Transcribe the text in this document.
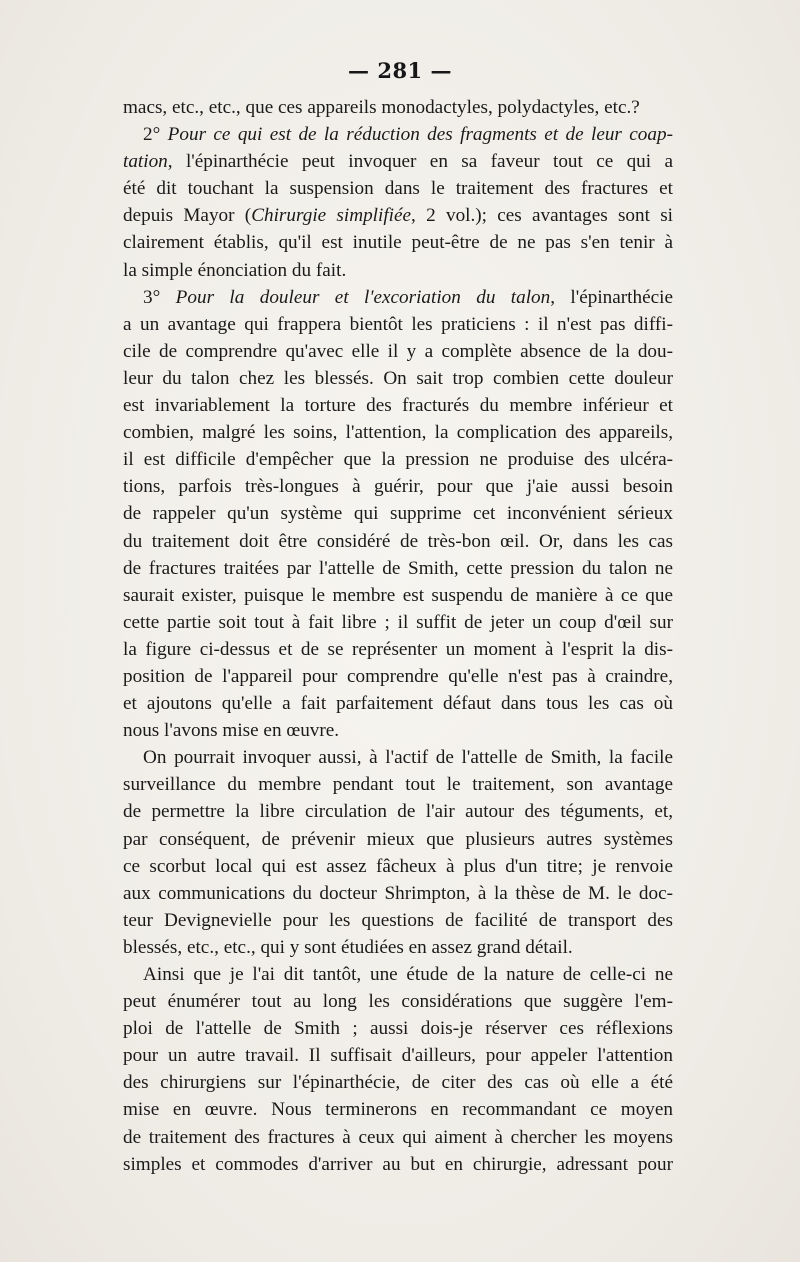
— 281 —
macs, etc., etc., que ces appareils monodactyles, polydactyles, etc.?
2° Pour ce qui est de la réduction des fragments et de leur coap-
tation, l'épinarthécie peut invoquer en sa faveur tout ce qui a
été dit touchant la suspension dans le traitement des fractures et
depuis Mayor (Chirurgie simplifiée, 2 vol.); ces avantages sont si
clairement établis, qu'il est inutile peut-être de ne pas s'en tenir à
la simple énonciation du fait.
3° Pour la douleur et l'excoriation du talon, l'épinarthécie
a un avantage qui frappera bientôt les praticiens : il n'est pas diffi-
cile de comprendre qu'avec elle il y a complète absence de la dou-
leur du talon chez les blessés. On sait trop combien cette douleur
est invariablement la torture des fracturés du membre inférieur et
combien, malgré les soins, l'attention, la complication des appareils,
il est difficile d'empêcher que la pression ne produise des ulcéra-
tions, parfois très-longues à guérir, pour que j'aie aussi besoin
de rappeler qu'un système qui supprime cet inconvénient sérieux
du traitement doit être considéré de très-bon œil. Or, dans les cas
de fractures traitées par l'attelle de Smith, cette pression du talon ne
saurait exister, puisque le membre est suspendu de manière à ce que
cette partie soit tout à fait libre ; il suffit de jeter un coup d'œil sur
la figure ci-dessus et de se représenter un moment à l'esprit la dis-
position de l'appareil pour comprendre qu'elle n'est pas à craindre,
et ajoutons qu'elle a fait parfaitement défaut dans tous les cas où
nous l'avons mise en œuvre.
On pourrait invoquer aussi, à l'actif de l'attelle de Smith, la facile
surveillance du membre pendant tout le traitement, son avantage
de permettre la libre circulation de l'air autour des téguments, et,
par conséquent, de prévenir mieux que plusieurs autres systèmes
ce scorbut local qui est assez fâcheux à plus d'un titre; je renvoie
aux communications du docteur Shrimpton, à la thèse de M. le doc-
teur Devignevielle pour les questions de facilité de transport des
blessés, etc., etc., qui y sont étudiées en assez grand détail.
Ainsi que je l'ai dit tantôt, une étude de la nature de celle-ci ne
peut énumérer tout au long les considérations que suggère l'em-
ploi de l'attelle de Smith ; aussi dois-je réserver ces réflexions
pour un autre travail. Il suffisait d'ailleurs, pour appeler l'attention
des chirurgiens sur l'épinarthécie, de citer des cas où elle a été
mise en œuvre. Nous terminerons en recommandant ce moyen
de traitement des fractures à ceux qui aiment à chercher les moyens
simples et commodes d'arriver au but en chirurgie, adressant pour
